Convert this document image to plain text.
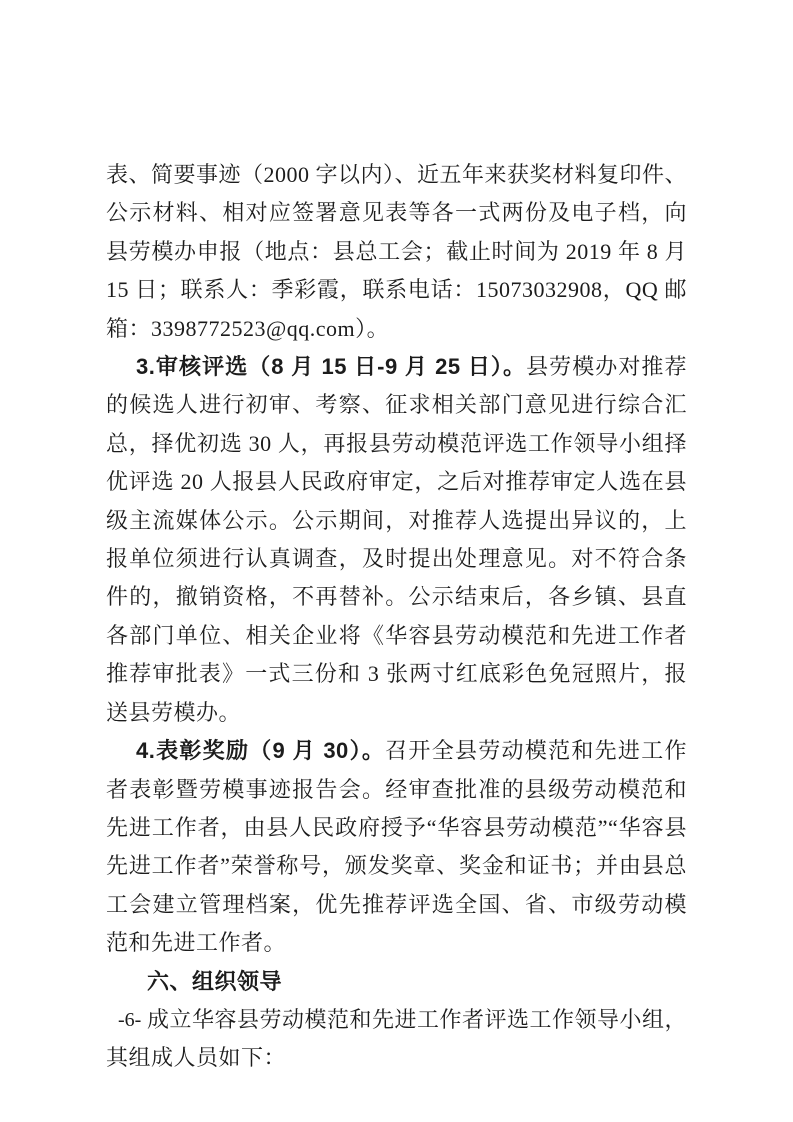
表、简要事迹（2000 字以内）、近五年来获奖材料复印件、公示材料、相对应签署意见表等各一式两份及电子档，向县劳模办申报（地点：县总工会；截止时间为 2019 年 8 月 15 日；联系人：季彩霞，联系电话：15073032908，QQ 邮箱：3398772523@qq.com）。

3.审核评选（8 月 15 日-9 月 25 日）。县劳模办对推荐的候选人进行初审、考察、征求相关部门意见进行综合汇总，择优初选 30 人，再报县劳动模范评选工作领导小组择优评选 20 人报县人民政府审定，之后对推荐审定人选在县级主流媒体公示。公示期间，对推荐人选提出异议的，上报单位须进行认真调查，及时提出处理意见。对不符合条件的，撤销资格，不再替补。公示结束后，各乡镇、县直各部门单位、相关企业将《华容县劳动模范和先进工作者推荐审批表》一式三份和 3 张两寸红底彩色免冠照片，报送县劳模办。

4.表彰奖励（9 月 30）。召开全县劳动模范和先进工作者表彰暨劳模事迹报告会。经审查批准的县级劳动模范和先进工作者，由县人民政府授予“华容县劳动模范”“华容县先进工作者”荣誉称号，颁发奖章、奖金和证书；并由县总工会建立管理档案，优先推荐评选全国、省、市级劳动模范和先进工作者。

六、组织领导

成立华容县劳动模范和先进工作者评选工作领导小组，其组成人员如下：

-6-
